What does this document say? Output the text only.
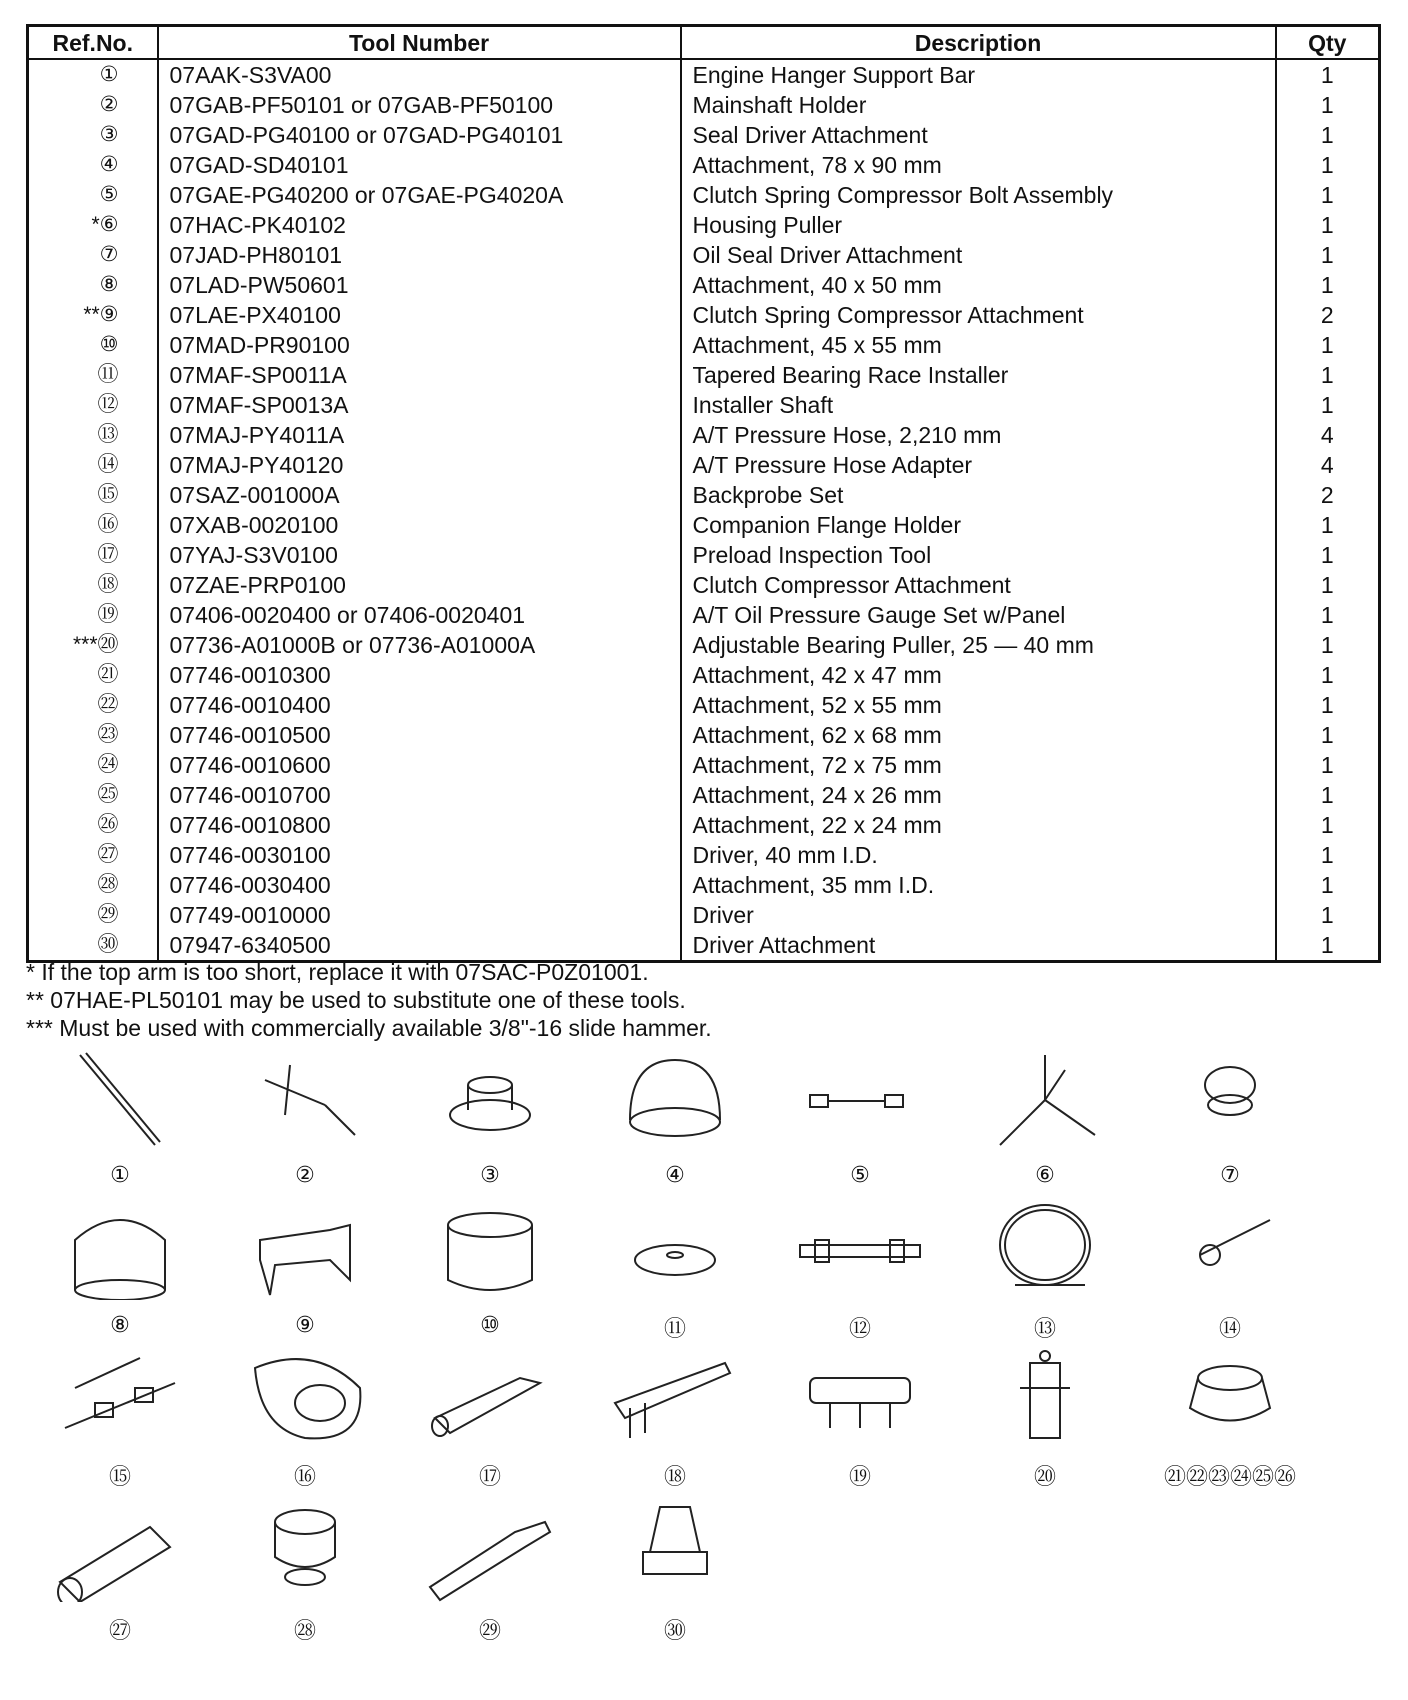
Ref.No.	Tool Number	Description	Qty
①	07AAK-S3VA00	Engine Hanger Support Bar	1
②	07GAB-PF50101 or 07GAB-PF50100	Mainshaft Holder	1
③	07GAD-PG40100 or 07GAD-PG40101	Seal Driver Attachment	1
④	07GAD-SD40101	Attachment, 78 x 90 mm	1
⑤	07GAE-PG40200 or 07GAE-PG4020A	Clutch Spring Compressor Bolt Assembly	1
*⑥	07HAC-PK40102	Housing Puller	1
⑦	07JAD-PH80101	Oil Seal Driver Attachment	1
⑧	07LAD-PW50601	Attachment, 40 x 50 mm	1
**⑨	07LAE-PX40100	Clutch Spring Compressor Attachment	2
⑩	07MAD-PR90100	Attachment, 45 x 55 mm	1
⑪	07MAF-SP0011A	Tapered Bearing Race Installer	1
⑫	07MAF-SP0013A	Installer Shaft	1
⑬	07MAJ-PY4011A	A/T Pressure Hose, 2,210 mm	4
⑭	07MAJ-PY40120	A/T Pressure Hose Adapter	4
⑮	07SAZ-001000A	Backprobe Set	2
⑯	07XAB-0020100	Companion Flange Holder	1
⑰	07YAJ-S3V0100	Preload Inspection Tool	1
⑱	07ZAE-PRP0100	Clutch Compressor Attachment	1
⑲	07406-0020400 or 07406-0020401	A/T Oil Pressure Gauge Set w/Panel	1
***⑳	07736-A01000B or 07736-A01000A	Adjustable Bearing Puller, 25 — 40 mm	1
㉑	07746-0010300	Attachment, 42 x 47 mm	1
㉒	07746-0010400	Attachment, 52 x 55 mm	1
㉓	07746-0010500	Attachment, 62 x 68 mm	1
㉔	07746-0010600	Attachment, 72 x 75 mm	1
㉕	07746-0010700	Attachment, 24 x 26 mm	1
㉖	07746-0010800	Attachment, 22 x 24 mm	1
㉗	07746-0030100	Driver, 40 mm I.D.	1
㉘	07746-0030400	Attachment, 35 mm I.D.	1
㉙	07749-0010000	Driver	1
㉚	07947-6340500	Driver Attachment	1
* If the top arm is too short, replace it with 07SAC-P0Z01001.
** 07HAE-PL50101 may be used to substitute one of these tools.
*** Must be used with commercially available 3/8"-16 slide hammer.
①	②	③	④	⑤	⑥	⑦
⑧	⑨	⑩	⑪	⑫	⑬	⑭
⑮	⑯	⑰	⑱	⑲	⑳	㉑㉒㉓㉔㉕㉖
㉗	㉘	㉙	㉚
